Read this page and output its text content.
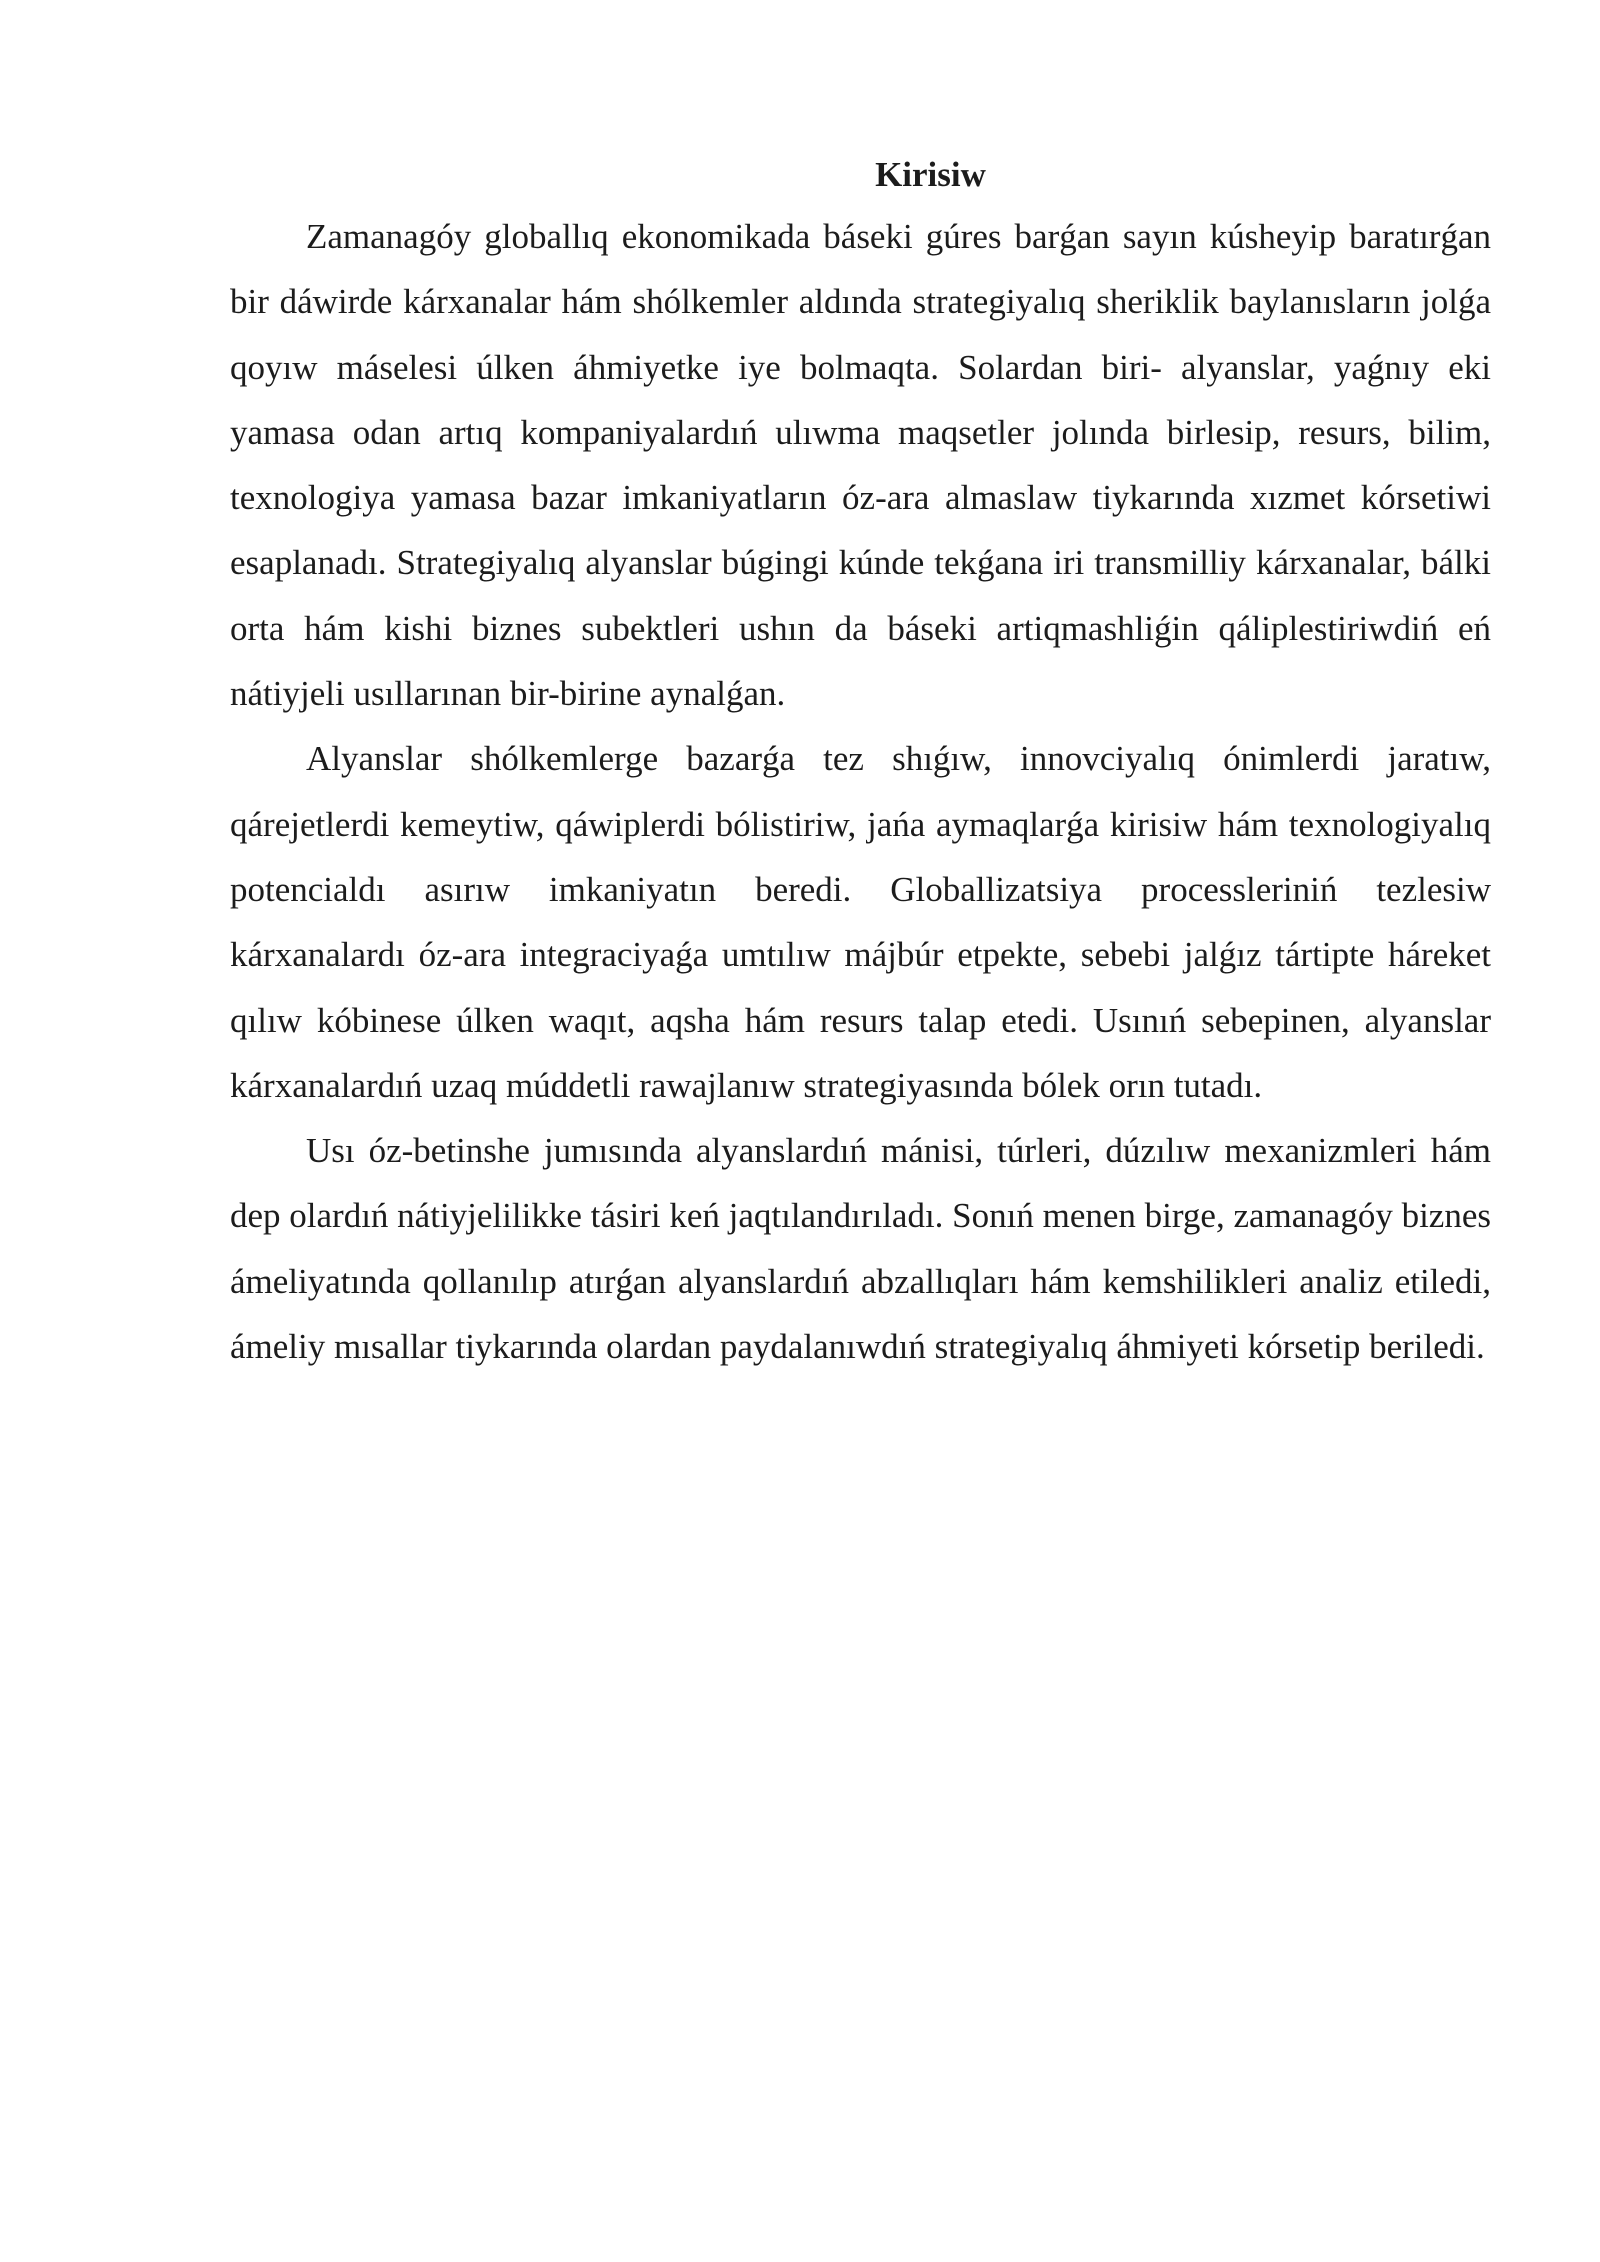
Kirisiw

Zamanagóy globallıq ekonomikada báseki gúres barǵan sayın kúsheyip baratırǵan bir dáwirde kárxanalar hám shólkemler aldında strategiyalıq sheriklik baylanısların jolǵa qoyıw máselesi úlken áhmiyetke iye bolmaqta. Solardan biri- alyanslar, yaǵnıy eki yamasa odan artıq kompaniyalardıń ulıwma maqsetler jolında birlesip, resurs, bilim, texnologiya yamasa bazar imkaniyatların óz-ara almaslaw tiykarında xızmet kórsetiwi esaplanadı. Strategiyalıq alyanslar búgingi kúnde tekǵana iri transmilliy kárxanalar, bálki orta hám kishi biznes subektleri ushın da báseki artiqmashliǵin qáliplestiriwdiń eń nátiyjeli usıllarınan bir-birine aynalǵan.

Alyanslar shólkemlerge bazarǵa tez shıǵıw, innovciyalıq ónimlerdi jaratıw, qárejetlerdi kemeytiw, qáwiplerdi bólistiriw, jańa aymaqlarǵa kirisiw hám texnologiyalıq potencialdı asırıw imkaniyatın beredi. Globallizatsiya processleriniń tezlesiw kárxanalardı óz-ara integraciyaǵa umtılıw májbúr etpekte, sebebi jalǵız tártipte háreket qılıw kóbinese úlken waqıt, aqsha hám resurs talap etedi. Usınıń sebepinen, alyanslar kárxanalardıń uzaq múddetli rawajlanıw strategiyasında bólek orın tutadı.

Usı óz-betinshe jumısında alyanslardıń mánisi, túrleri, dúzılıw mexanizmleri hám dep olardıń nátiyjelilikke tásiri keń jaqtılandırıladı. Sonıń menen birge, zamanagóy biznes ámeliyatında qollanılıp atırǵan alyanslardıń abzallıqları hám kemshilikleri analiz etiledi, ámeliy mısallar tiykarında olardan paydalanıwdıń strategiyalıq áhmiyeti kórsetip beriledi.
